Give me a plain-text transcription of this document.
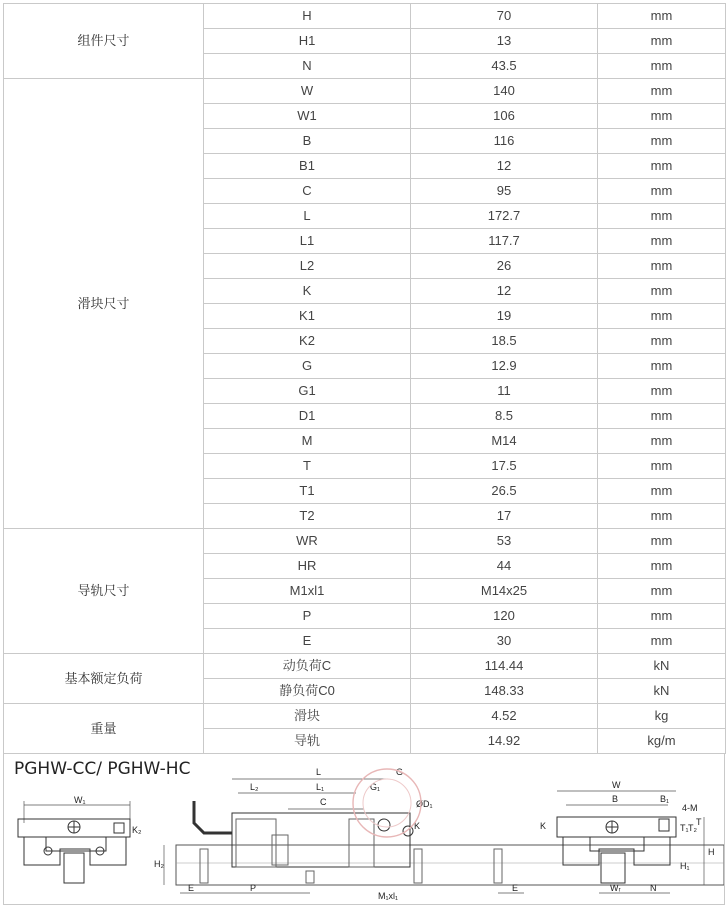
组件尺寸	H	70	mm
	H1	13	mm
	N	43.5	mm
滑块尺寸	W	140	mm
	W1	106	mm
	B	116	mm
	B1	12	mm
	C	95	mm
	L	172.7	mm
	L1	117.7	mm
	L2	26	mm
	K	12	mm
	K1	19	mm
	K2	18.5	mm
	G	12.9	mm
	G1	11	mm
	D1	8.5	mm
	M	M14	mm
	T	17.5	mm
	T1	26.5	mm
	T2	17	mm
导轨尺寸	WR	53	mm
	HR	44	mm
	M1xl1	M14x25	mm
	P	120	mm
	E	30	mm
基本额定负荷	动负荷C	114.44	kN
	静负荷C0	148.33	kN
重量	滑块	4.52	kg
	导轨	14.92	kg/m
PGHW-CC/ PGHW-HC
W₁
K₂
L
L₂	L₁
C
G₁
G
ØD₁
K
H₂
E	P
M₁xl₁
E
W
B	B₁
4-M
K	T₁ T₂
T
H₁
H
Wᵣ	N
